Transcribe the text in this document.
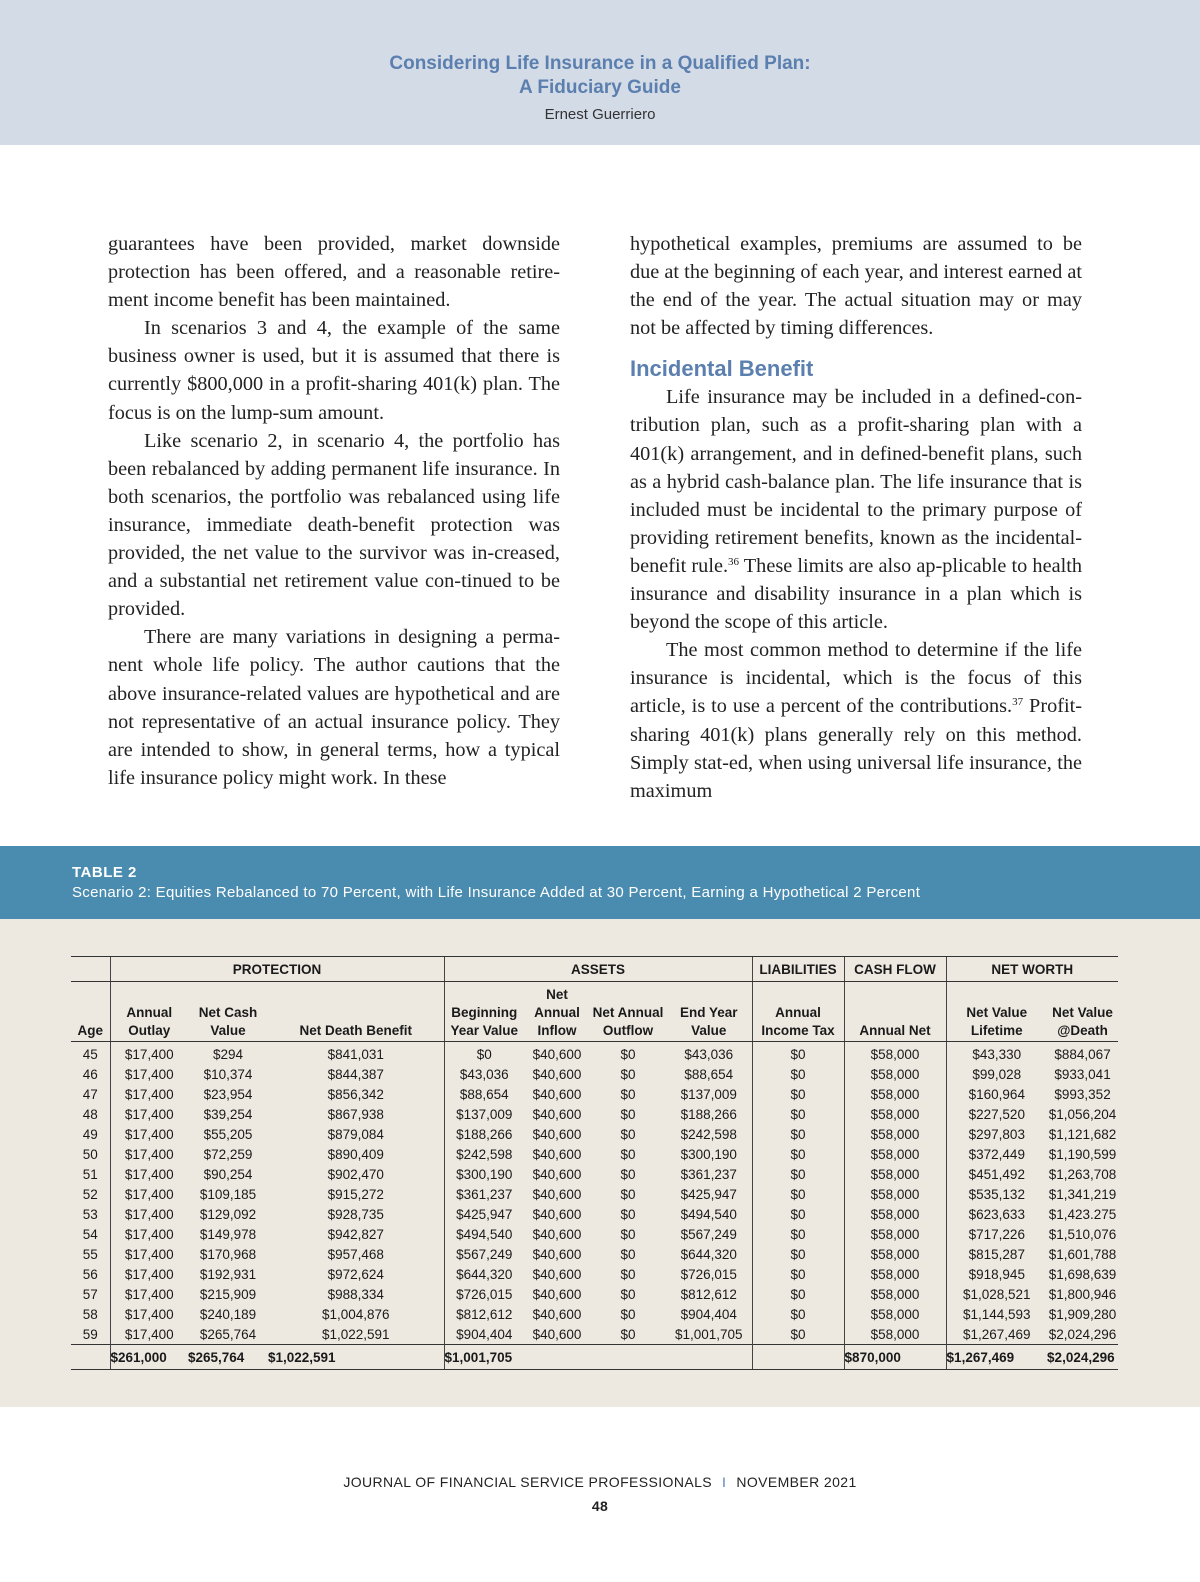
Considering Life Insurance in a Qualified Plan:
A Fiduciary Guide
Ernest Guerriero

guarantees have been provided, market downside protection has been offered, and a reasonable retire-ment income benefit has been maintained.

In scenarios 3 and 4, the example of the same business owner is used, but it is assumed that there is currently $800,000 in a profit-sharing 401(k) plan. The focus is on the lump-sum amount.

Like scenario 2, in scenario 4, the portfolio has been rebalanced by adding permanent life insurance. In both scenarios, the portfolio was rebalanced using life insurance, immediate death-benefit protection was provided, the net value to the survivor was in-creased, and a substantial net retirement value con-tinued to be provided.

There are many variations in designing a perma-nent whole life policy. The author cautions that the above insurance-related values are hypothetical and are not representative of an actual insurance policy. They are intended to show, in general terms, how a typical life insurance policy might work. In these

hypothetical examples, premiums are assumed to be due at the beginning of each year, and interest earned at the end of the year. The actual situation may or may not be affected by timing differences.

Incidental Benefit

Life insurance may be included in a defined-con-tribution plan, such as a profit-sharing plan with a 401(k) arrangement, and in defined-benefit plans, such as a hybrid cash-balance plan. The life insurance that is included must be incidental to the primary purpose of providing retirement benefits, known as the incidental-benefit rule.$^{36}$ These limits are also ap-plicable to health insurance and disability insurance in a plan which is beyond the scope of this article.

The most common method to determine if the life insurance is incidental, which is the focus of this article, is to use a percent of the contributions.$^{37}$ Profit-sharing 401(k) plans generally rely on this method. Simply stat-ed, when using universal life insurance, the maximum

TABLE 2
Scenario 2: Equities Rebalanced to 70 Percent, with Life Insurance Added at 30 Percent, Earning a Hypothetical 2 Percent
	PROTECTION			ASSETS				LIABILITIES	CASH FLOW	NET WORTH	
Age	Annual Outlay	Net Cash Value	Net Death Benefit	Beginning Year Value	Net Annual Inflow	Net Annual Outflow	End Year Value	Annual Income Tax	Annual Net	Net Value Lifetime	Net Value @Death
45	$17,400	$294	$841,031	$0	$40,600	$0	$43,036	$0	$58,000	$43,330	$884,067
46	$17,400	$10,374	$844,387	$43,036	$40,600	$0	$88,654	$0	$58,000	$99,028	$933,041
47	$17,400	$23,954	$856,342	$88,654	$40,600	$0	$137,009	$0	$58,000	$160,964	$993,352
48	$17,400	$39,254	$867,938	$137,009	$40,600	$0	$188,266	$0	$58,000	$227,520	$1,056,204
49	$17,400	$55,205	$879,084	$188,266	$40,600	$0	$242,598	$0	$58,000	$297,803	$1,121,682
50	$17,400	$72,259	$890,409	$242,598	$40,600	$0	$300,190	$0	$58,000	$372,449	$1,190,599
51	$17,400	$90,254	$902,470	$300,190	$40,600	$0	$361,237	$0	$58,000	$451,492	$1,263,708
52	$17,400	$109,185	$915,272	$361,237	$40,600	$0	$425,947	$0	$58,000	$535,132	$1,341,219
53	$17,400	$129,092	$928,735	$425,947	$40,600	$0	$494,540	$0	$58,000	$623,633	$1,423.275
54	$17,400	$149,978	$942,827	$494,540	$40,600	$0	$567,249	$0	$58,000	$717,226	$1,510,076
55	$17,400	$170,968	$957,468	$567,249	$40,600	$0	$644,320	$0	$58,000	$815,287	$1,601,788
56	$17,400	$192,931	$972,624	$644,320	$40,600	$0	$726,015	$0	$58,000	$918,945	$1,698,639
57	$17,400	$215,909	$988,334	$726,015	$40,600	$0	$812,612	$0	$58,000	$1,028,521	$1,800,946
58	$17,400	$240,189	$1,004,876	$812,612	$40,600	$0	$904,404	$0	$58,000	$1,144,593	$1,909,280
59	$17,400	$265,764	$1,022,591	$904,404	$40,600	$0	$1,001,705	$0	$58,000	$1,267,469	$2,024,296
	$261,000	$265,764	$1,022,591	$1,001,705					$870,000	$1,267,469	$2,024,296
JOURNAL OF FINANCIAL SERVICE PROFESSIONALS I NOVEMBER 2021
48
